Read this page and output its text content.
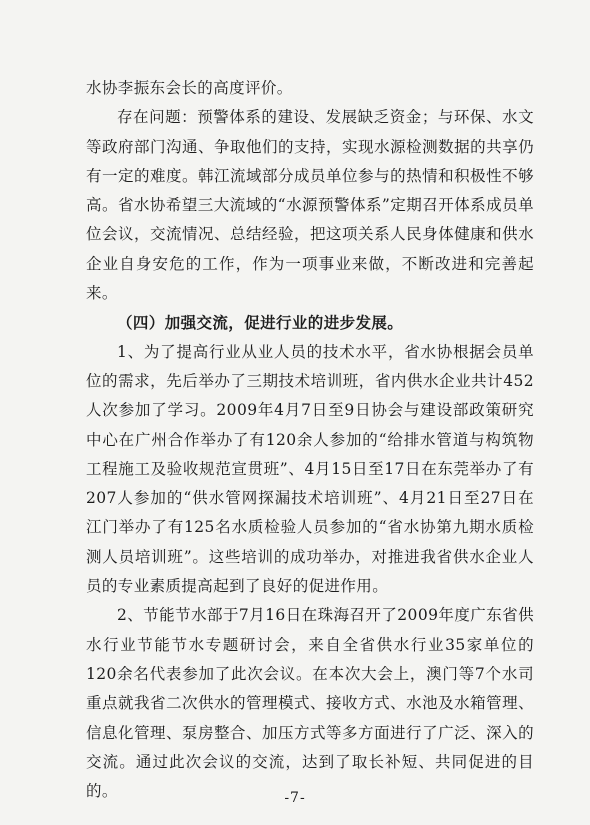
水协李振东会长的高度评价。

存在问题：预警体系的建设、发展缺乏资金；与环保、水文等政府部门沟通、争取他们的支持，实现水源检测数据的共享仍有一定的难度。韩江流域部分成员单位参与的热情和积极性不够高。省水协希望三大流域的“水源预警体系”定期召开体系成员单位会议，交流情况、总结经验，把这项关系人民身体健康和供水企业自身安危的工作，作为一项事业来做，不断改进和完善起来。

（四）加强交流，促进行业的进步发展。

1、为了提高行业从业人员的技术水平，省水协根据会员单位的需求，先后举办了三期技术培训班，省内供水企业共计452人次参加了学习。2009年4月7日至9日协会与建设部政策研究中心在广州合作举办了有120余人参加的“给排水管道与构筑物工程施工及验收规范宣贯班”、4月15日至17日在东莞举办了有207人参加的“供水管网探漏技术培训班”、4月21日至27日在江门举办了有125名水质检验人员参加的“省水协第九期水质检测人员培训班”。这些培训的成功举办，对推进我省供水企业人员的专业素质提高起到了良好的促进作用。

2、节能节水部于7月16日在珠海召开了2009年度广东省供水行业节能节水专题研讨会，来自全省供水行业35家单位的120余名代表参加了此次会议。在本次大会上，澳门等7个水司重点就我省二次供水的管理模式、接收方式、水池及水箱管理、信息化管理、泵房整合、加压方式等多方面进行了广泛、深入的交流。通过此次会议的交流，达到了取长补短、共同促进的目的。	-7-
